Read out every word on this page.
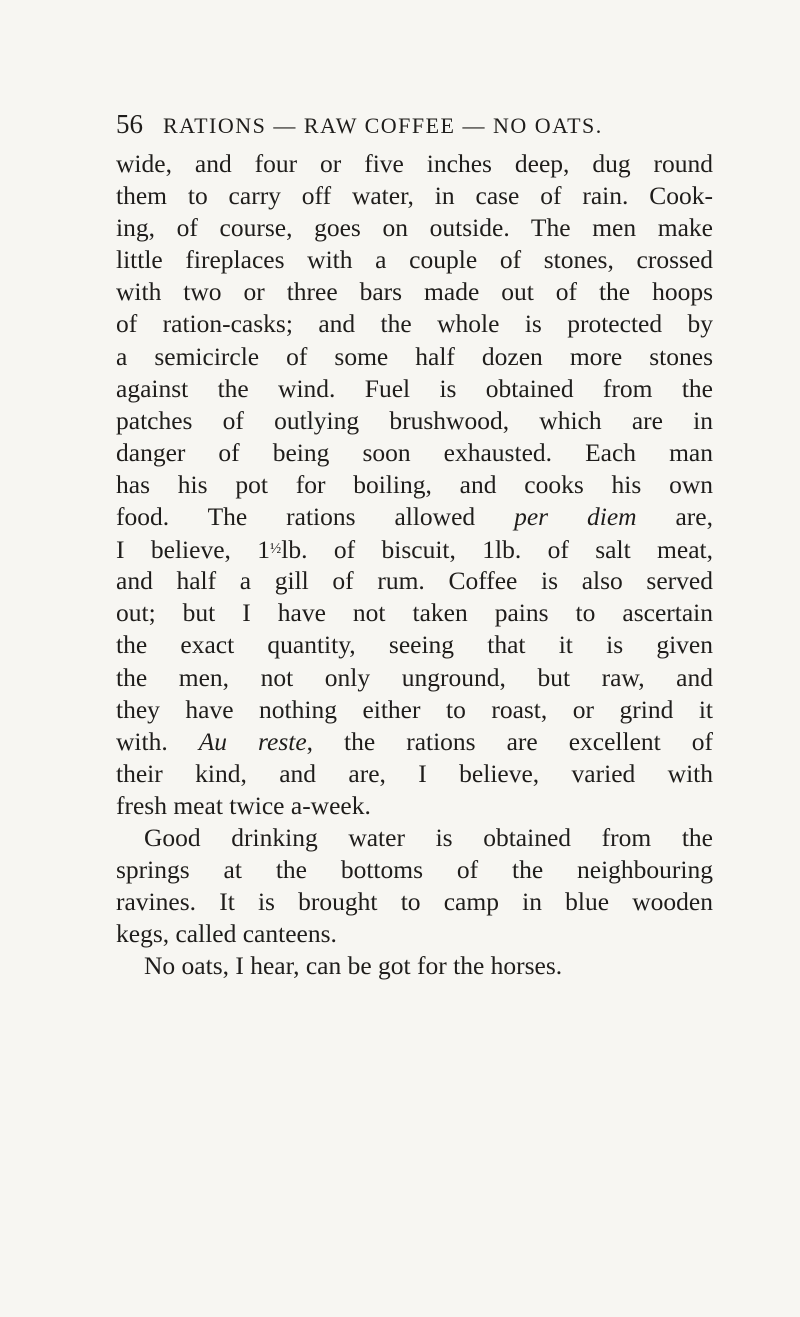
56 RATIONS — RAW COFFEE — NO OATS.
wide, and four or five inches deep, dug round
them to carry off water, in case of rain. Cook-
ing, of course, goes on outside. The men make
little fireplaces with a couple of stones, crossed
with two or three bars made out of the hoops
of ration-casks; and the whole is protected by
a semicircle of some half dozen more stones
against the wind. Fuel is obtained from the
patches of outlying brushwood, which are in
danger of being soon exhausted. Each man
has his pot for boiling, and cooks his own
food. The rations allowed per diem are,
I believe, 1½lb. of biscuit, 1lb. of salt meat,
and half a gill of rum. Coffee is also served
out; but I have not taken pains to ascertain
the exact quantity, seeing that it is given
the men, not only unground, but raw, and
they have nothing either to roast, or grind it
with. Au reste, the rations are excellent of
their kind, and are, I believe, varied with
fresh meat twice a-week.
Good drinking water is obtained from the
springs at the bottoms of the neighbouring
ravines. It is brought to camp in blue wooden
kegs, called canteens.
No oats, I hear, can be got for the horses.
